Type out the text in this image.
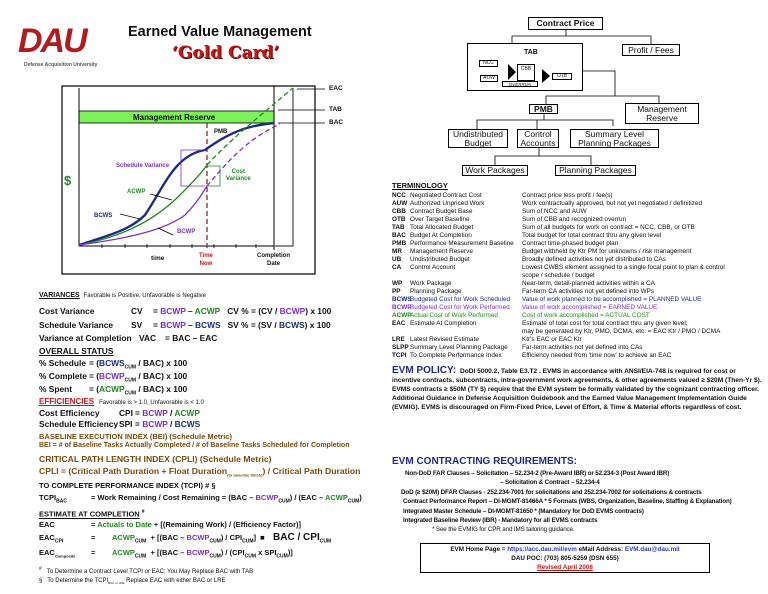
DAU
Defense Acquisition University
Earned Value Management
‘Gold Card’
Management Reserve
EAC
TAB
BAC
PMB
Schedule Variance
Cost
Variance
ACWP
BCWS
BCWP
$
time	Time
Now
Completion
Date
Contract Price
Profit / Fees
TAB
NCC
AUW
CBB
OVERRUN
OTB
PMB	Management
Reserve
Undistributed
Budget
Control
Accounts
Summary Level
Planning Packages
Work Packages	Planning Packages
VARIANCES Favorable is Positive, Unfavorable is Negative
Cost Variance	CV = BCWP – ACWP CV % = (CV / BCWP) x 100
Schedule Variance SV = BCWP – BCWS SV % = (SV / BCWS) x 100
Variance at Completion VAC = BAC – EAC
OVERALL STATUS
% Schedule = $(BCWS_{CUM} / BAC)$ x 100
% Complete = $(BCWP_{CUM} / BAC)$ x 100
% Spent = $(ACWP_{CUM} / BAC)$ x 100
EFFICIENCIES Favorable is > 1.0, Unfavorable is < 1.0
Cost Efficiency CPI = BCWP / ACWP
Schedule EfficiencySPI = BCWP / BCWS
BASELINE EXECUTION INDEX (BEI) (Schedule Metric)
BEI = # of Baseline Tasks Actually Completed / # of Baseline Tasks Scheduled for Completion
CRITICAL PATH LENGTH INDEX (CPLI) (Schedule Metric)
CPLI = (Critical Path Duration + Float Duration$_{(to baseline finish)}$) / Critical Path Duration
TO COMPLETE PERFORMANCE INDEX (TCPI) # §
$TCPI_{BAC}$	= Work Remaining / Cost Remaining = $(BAC - BCWP_{CUM}) / (EAC$ – $ACWP_{CUM}$)
ESTIMATE AT COMPLETION #
EAC	= Actuals to Date + [(Remaining Work) / (Efficiency Factor)]
$EAC_{CPI}$	= $ACWP_{CUM} + [(BAC$ – $BCWP_{CUM}) / CPI_{CUM}$] ■ BAC / $CPI_{CUM}$
$EAC_{Composite}$ = $ACWP_{CUM} + [(BAC$ – $BCWP_{CUM}) / (CPI_{CUM}$ x $SPI_{CUM}$)]
# To Determine a Contract Level TCPI or EAC; You May Replace BAC with TAB
§ To Determine the $TCPI_{BAC or LRE}$ Replace EAC with either BAC or LRE
TERMINOLOGY
NCC Negotiated Contract Cost	Contract price less profit / fee(s)
AUW Authorized Unpriced Work	Work contractually approved, but not yet negotiated / definitized
CBB Contract Budget Base	Sum of NCC and AUW
OTB Over Target Baseline	Sum of CBB and recognized overrun
TAB Total Allocated Budget	Sum of all budgets for work on contract = NCC, CBB, or OTB
BAC Budget At Completion	Total budget for total contract thru any given level
PMB Performance Measurement Baseline	Contract time-phased budget plan
MR	Management Reserve	Budget withheld by Ktr PM for unknowns / risk management
UB	Undistributed Budget	Broadly defined activities not yet distributed to CAs
CA	Control Account	Lowest CWBS element assigned to a single focal point to plan & control
scope / schedule / budget
WP	Work Package	Near-term, detail-planned activities within a CA
PP	Planning Package	Far-term CA activities not yet defined into WPs
BCWS
Budgeted Cost for Work Scheduled	Value of work planned to be accomplished = PLANNED VALUE
BCWP
Budgeted Cost for Work Performed	Value of work accomplished = EARNED VALUE
ACWP
Actual Cost of Work Performed	Cost of work accomplished = ACTUAL COST
EAC Estimate At Completion	Estimate of total cost for total contract thru any given level;
may be generated by Ktr, PMO, DCMA, etc. = EAC Ktr / PMO / DCMA
LRE Latest Revised Estimate	Ktr's EAC or EAC Ktr
SLPP Summary Level Planning Package	Far-term activities not yet defined into CAs
TCPI To Complete Performance Index	Efficiency needed from 'time now' to achieve an EAC
EVM POLICY: DoDI 5000.2, Table E3.T2 . EVMS in accordance with ANSI/EIA-748 is required for cost or incentive contracts, subcontracts, intra-government work agreements, & other agreements valued ≥ $20M (Then-Yr $). EVMS contracts ≥ $50M (TY $) require that the EVM system be formally validated by the cognizant contracting officer. Additional Guidance in Defense Acquisition Guidebook and the Earned Value Management Implementation Guide (EVMIG). EVMS is discouraged on Firm-Fixed Price, Level of Effort, & Time & Material efforts regardless of cost.
EVM CONTRACTING REQUIREMENTS:
Non-DoD FAR Clauses – Solicitation – 52.234-2 (Pre-Award IBR) or 52.234-3 (Post Award IBR)
– Solicitation & Contract – 52.234-4
DoD (≥ $20M) DFAR Clauses - 252.234-7001 for solicitations and 252.234-7002 for solicitations & contracts
Contract Performance Report – DI-MGMT-81466A * 5 Formats (WBS, Organization, Baseline, Staffing & Explanation)
Integrated Master Schedule – DI-MGMT-81650 * (Mandatory for DoD EVMS contracts)
Integrated Baseline Review (IBR) - Mandatory for all EVMS contracts
* See the EVMIG for CPR and IMS tailoring guidance.
EVM Home Page = https://acc.dau.mil/evm eMail Address: EVM.dau@dau.mil
DAU POC: (703) 805-5259 (DSN 655)
Revised April 2008
